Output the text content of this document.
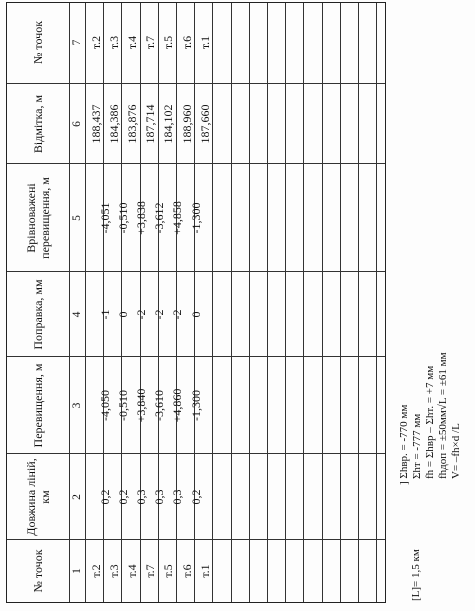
№ точок
Довжина ліній, км
Перевищення, м
Поправка, мм
Врівноважені перевищення, м
Відмітка, м
№ точок
1
2
3
4
5
6
7
т.2
0,2
-4,050
-1
-4,051
188,437
т.2
т.3
0,2
-0,510
0
-0,510
184,386
т.3
т.4
0,3
+3,840
-2
+3,838
183,876
т.4
т.7
0,3
-3,610
-2
-3,612
187,714
т.7
т.5
0,3
+4,860
-2
+4,858
184,102
т.5
т.6
0,2
-1,300
0
-1,300
188,960
т.6
т.1
187,660
т.1
[L]= 1,5 км
] Σhвр. = -770 мм Σhт = -777 мм fh = Σhвр – Σhт. = +7 мм fhдоп = ±50мм√L = ±61 мм V= –fh×d /L
